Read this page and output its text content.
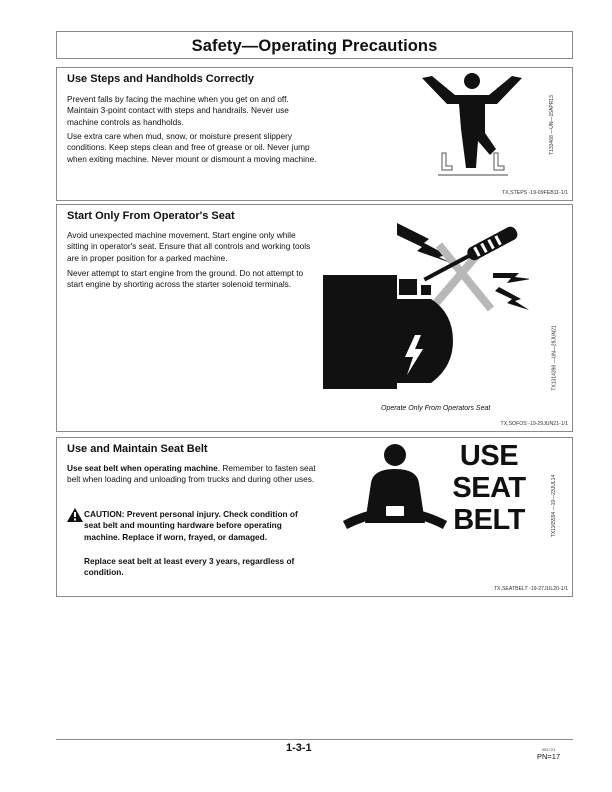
Safety—Operating Precautions
Use Steps and Handholds Correctly

Prevent falls by facing the machine when you get on and off. Maintain 3-point contact with steps and handrails. Never use machine controls as handholds.

Use extra care when mud, snow, or moisture present slippery conditions. Keep steps clean and free of grease or oil. Never jump when exiting machine. Never mount or dismount a moving machine.

T133468 —UN—15APR13
TX,STEPS -19-09FEB11-1/1
Start Only From Operator's Seat

Avoid unexpected machine movement. Start engine only while sitting in operator's seat. Ensure that all controls and working tools are in proper position for a parked machine.

Never attempt to start engine from the ground. Do not attempt to start engine by shorting across the starter solenoid terminals.

TX1314398 —UN—29JUN21
Operate Only From Operators Seat
TX,SOFOS -19-29JUN21-1/1
Use and Maintain Seat Belt

Use seat belt when operating machine. Remember to fasten seat belt when loading and unloading from trucks and during other uses.

CAUTION: Prevent personal injury. Check condition of seat belt and mounting hardware before operating machine. Replace if worn, frayed, or damaged.

Replace seat belt at least every 3 years, regardless of condition.

USE
SEAT
BELT	TX1165594 —19—23JUL14
TX,SEATBELT -19-27JUL20-1/1
1-3-1	061721
PN=17
